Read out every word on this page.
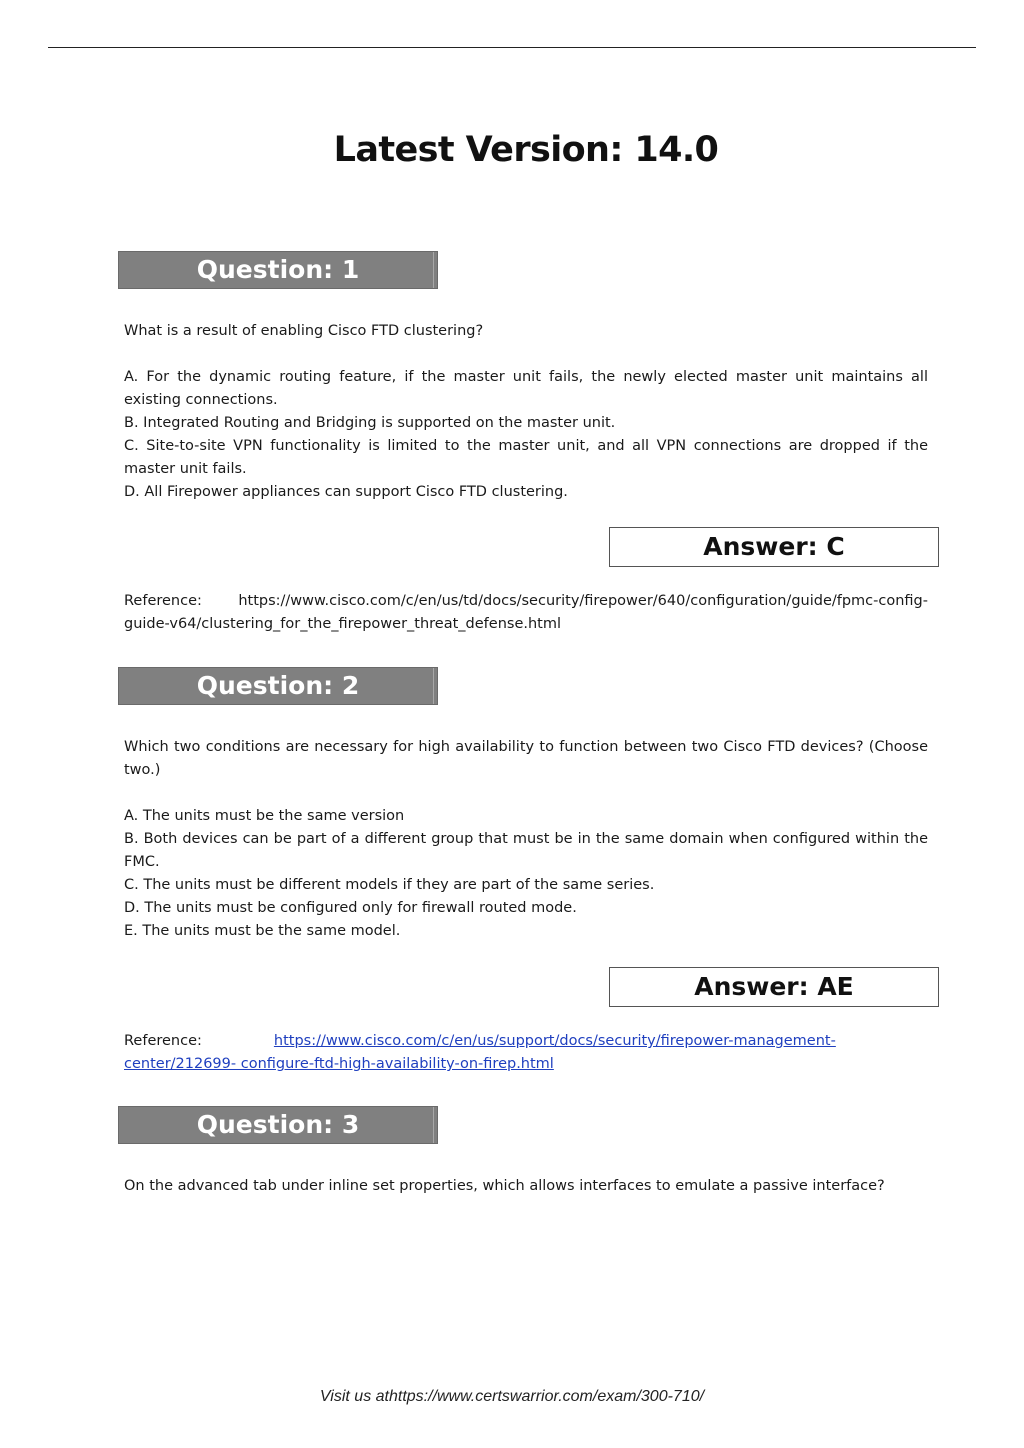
Latest Version: 14.0
Question: 1
What is a result of enabling Cisco FTD clustering?
A. For the dynamic routing feature, if the master unit fails, the newly elected master unit maintains all existing connections.
B. Integrated Routing and Bridging is supported on the master unit.
C. Site-to-site VPN functionality is limited to the master unit, and all VPN connections are dropped if the master unit fails.
D. All Firepower appliances can support Cisco FTD clustering.
Answer: C
Reference: https://www.cisco.com/c/en/us/td/docs/security/firepower/640/configuration/guide/fpmc-config- guide-v64/clustering_for_the_firepower_threat_defense.html
Question: 2
Which two conditions are necessary for high availability to function between two Cisco FTD devices? (Choose two.)
A. The units must be the same version
B. Both devices can be part of a different group that must be in the same domain when configured within the FMC.
C. The units must be different models if they are part of the same series.
D. The units must be configured only for firewall routed mode.
E. The units must be the same model.
Answer: AE
Reference:	https://www.cisco.com/c/en/us/support/docs/security/firepower-management-center/212699- configure-ftd-high-availability-on-firep.html
Question: 3
On the advanced tab under inline set properties, which allows interfaces to emulate a passive interface?
Visit us athttps://www.certswarrior.com/exam/300-710/
